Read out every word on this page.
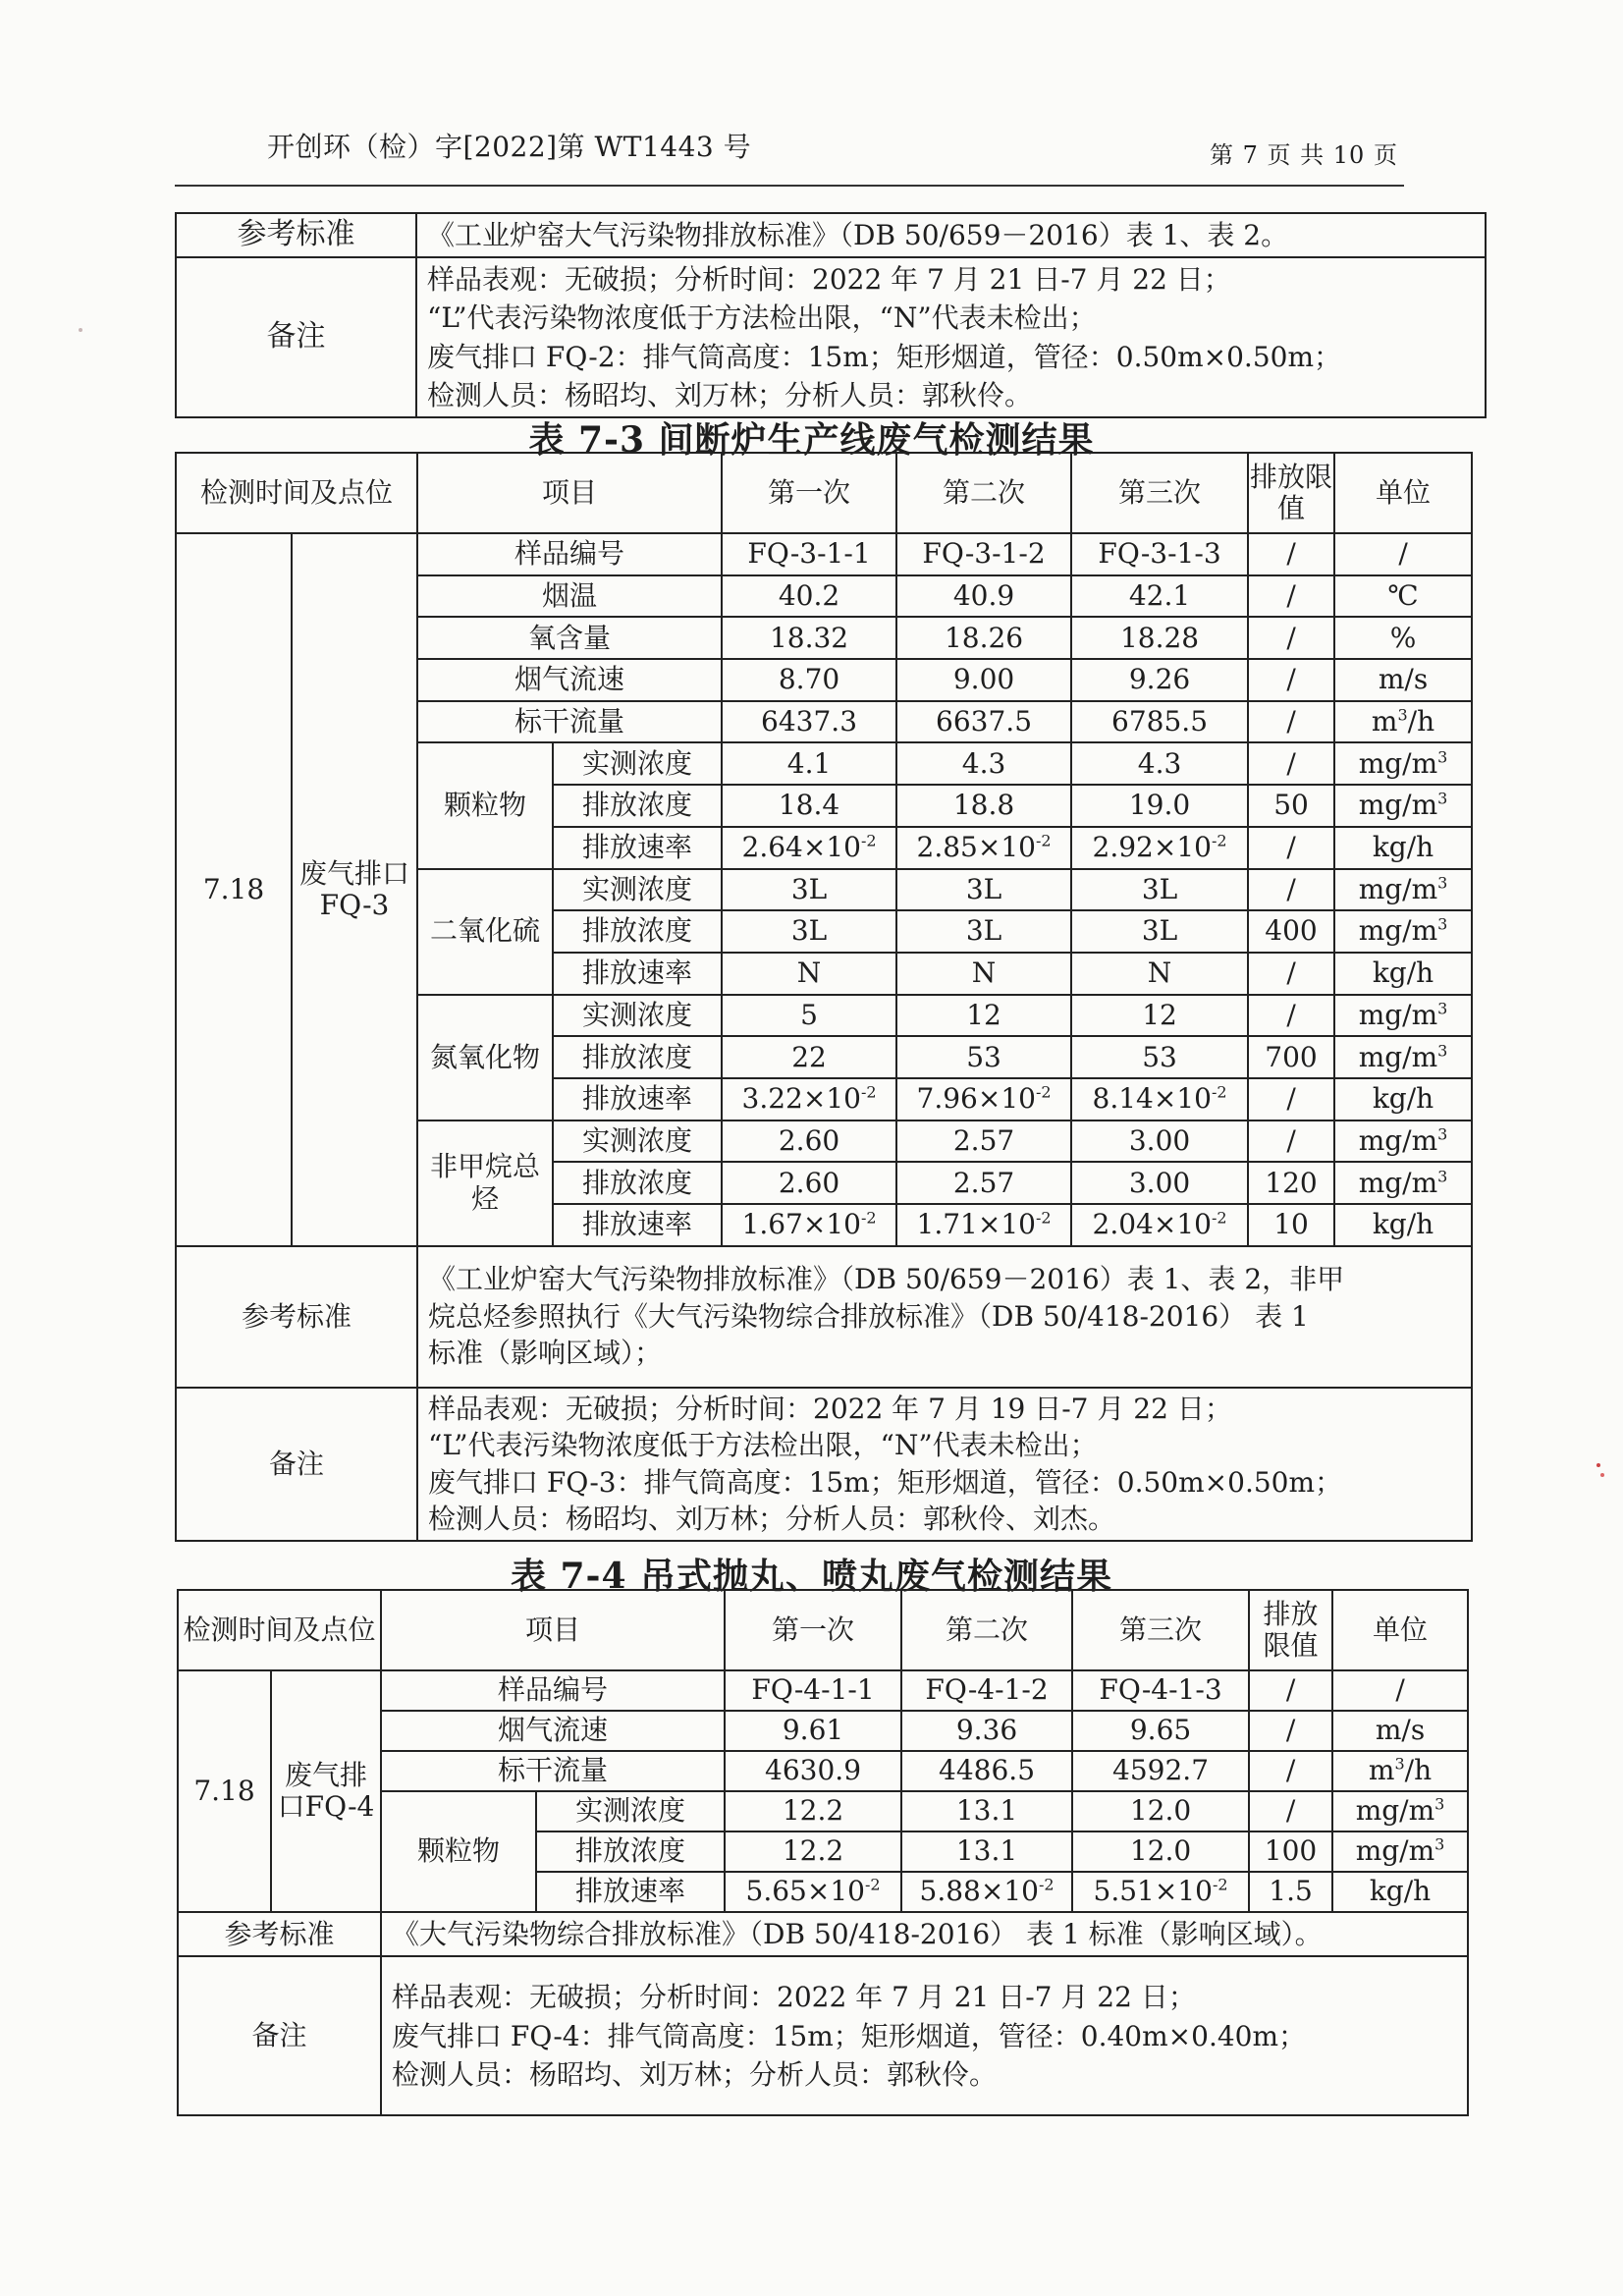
开创环（检）字[2022]第 WT1443 号	第 7 页 共 10 页
参考标准	《工业炉窑大气污染物排放标准》（DB 50/659－2016）表 1、表 2。
备注	样品表观：无破损；分析时间：2022 年 7 月 21 日-7 月 22 日；
“L”代表污染物浓度低于方法检出限，“N”代表未检出；
废气排口 FQ-2：排气筒高度：15m；矩形烟道，管径：0.50m×0.50m；
检测人员：杨昭均、刘万林；分析人员：郭秋伶。
表 7-3 间断炉生产线废气检测结果
检测时间及点位		项目		第一次	第二次	第三次	排放限值	单位
7.18	废气排口FQ-3	样品编号		FQ-3-1-1	FQ-3-1-2	FQ-3-1-3	/	/
		烟温		40.2	40.9	42.1	/	℃
		氧含量		18.32	18.26	18.28	/	%
		烟气流速		8.70	9.00	9.26	/	m/s
		标干流量		6437.3	6637.5	6785.5	/	$m^3/h$
		颗粒物	实测浓度	4.1	4.3	4.3	/	$mg/m^3$
			排放浓度	18.4	18.8	19.0	50	$mg/m^3$
			排放速率	$2.64\times 10^{-2}$	$2.85\times 10^{-2}$	$2.92\times 10^{-2}$	/	kg/h
		二氧化硫	实测浓度	3L	3L	3L	/	$mg/m^3$
			排放浓度	3L	3L	3L	400	$mg/m^3$
			排放速率	N	N	N	/	kg/h
		氮氧化物	实测浓度	5	12	12	/	$mg/m^3$
			排放浓度	22	53	53	700	$mg/m^3$
			排放速率	$3.22\times 10^{-2}$	$7.96\times 10^{-2}$	$8.14\times 10^{-2}$	/	kg/h
		非甲烷总烃	实测浓度	2.60	2.57	3.00	/	$mg/m^3$
			排放浓度	2.60	2.57	3.00	120	$mg/m^3$
			排放速率	$1.67\times 10^{-2}$	$1.71\times 10^{-2}$	$2.04\times 10^{-2}$	10	kg/h
参考标准		《工业炉窑大气污染物排放标准》（DB 50/659－2016）表 1、表 2，非甲
烷总烃参照执行《大气污染物综合排放标准》（DB 50/418-2016） 表 1
标准（影响区域）；						

备注		样品表观：无破损；分析时间：2022 年 7 月 19 日-7 月 22 日；
“L”代表污染物浓度低于方法检出限，“N”代表未检出；
废气排口 FQ-3：排气筒高度：15m；矩形烟道，管径：0.50m×0.50m；
检测人员：杨昭均、刘万林；分析人员：郭秋伶、刘杰。						
表 7-4 吊式抛丸、喷丸废气检测结果
检测时间及点位		项目		第一次	第二次	第三次	排放限值	单位
7.18	废气排口FQ-4	样品编号		FQ-4-1-1	FQ-4-1-2	FQ-4-1-3	/	/
		烟气流速		9.61	9.36	9.65	/	m/s
		标干流量		4630.9	4486.5	4592.7	/	$m^3/h$
		颗粒物	实测浓度	12.2	13.1	12.0	/	$mg/m^3$
			排放浓度	12.2	13.1	12.0	100	$mg/m^3$
			排放速率	$5.65\times 10^{-2}$	$5.88\times 10^{-2}$	$5.51\times 10^{-2}$	1.5	kg/h
参考标准		《大气污染物综合排放标准》（DB 50/418-2016） 表 1 标准（影响区域）。						

备注		样品表观：无破损；分析时间：2022 年 7 月 21 日-7 月 22 日；
废气排口 FQ-4：排气筒高度：15m；矩形烟道，管径：0.40m×0.40m；
检测人员：杨昭均、刘万林；分析人员：郭秋伶。						
